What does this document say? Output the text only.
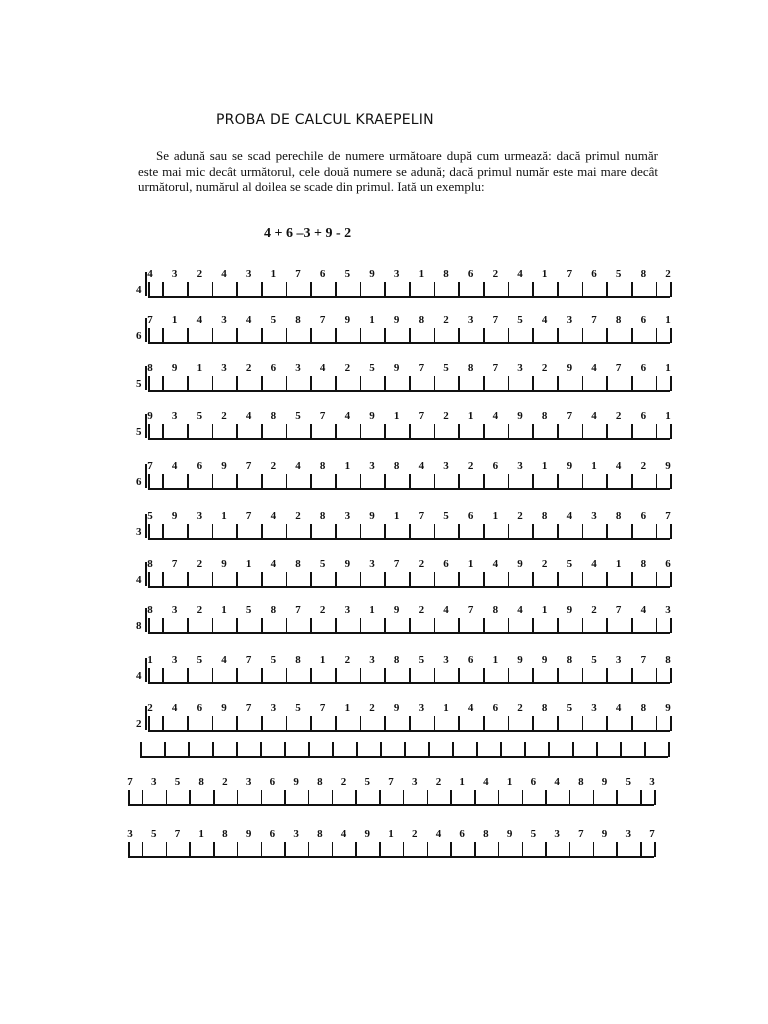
PROBA DE CALCUL KRAEPELIN
Se adună sau se scad perechile de numere următoare după cum urmează: dacă primul număr este mai mic decât următorul, cele două numere se adună; dacă primul număr este mai mare decât următorul, numărul al doilea se scade din primul. Iată un exemplu:
4 + 6 –3 + 9 - 2
4 3 2 4 3 1 7 6 5 9 3 1 8 6 2 4 1 7 6 5 8 2
4
7 1 4 3 4 5 8 7 9 1 9 8 2 3 7 5 4 3 7 8 6 1
6
8 9 1 3 2 6 3 4 2 5 9 7 5 8 7 3 2 9 4 7 6 1
5
9 3 5 2 4 8 5 7 4 9 1 7 2 1 4 9 8 7 4 2 6 1
5
7 4 6 9 7 2 4 8 1 3 8 4 3 2 6 3 1 9 1 4 2 9
6
5 9 3 1 7 4 2 8 3 9 1 7 5 6 1 2 8 4 3 8 6 7
3
8 7 2 9 1 4 8 5 9 3 7 2 6 1 4 9 2 5 4 1 8 6
4
8 3 2 1 5 8 7 2 3 1 9 2 4 7 8 4 1 9 2 7 4 3
8
1 3 5 4 7 5 8 1 2 3 8 5 3 6 1 9 9 8 5 3 7 8
4
2 4 6 9 7 3 5 7 1 2 9 3 1 4 6 2 8 5 3 4 8 9
2
7 3 5 8 2 3 6 9 8 2 5 7 3 2 1 4 1 6 4 8 9 5 3
3 5 7 1 8 9 6 3 8 4 9 1 2 4 6 8 9 5 3 7 9 3 7
